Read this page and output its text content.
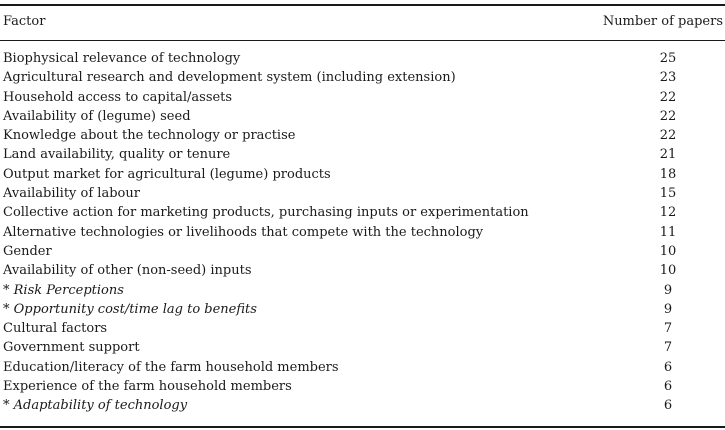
Factor	Number of papers
Biophysical relevance of technology	25
Agricultural research and development system (including extension)	23
Household access to capital/assets	22
Availability of (legume) seed	22
Knowledge about the technology or practise	22
Land availability, quality or tenure	21
Output market for agricultural (legume) products	18
Availability of labour	15
Collective action for marketing products, purchasing inputs or experimentation	12
Alternative technologies or livelihoods that compete with the technology	11
Gender	10
Availability of other (non-seed) inputs	10
* Risk Perceptions	9
* Opportunity cost/time lag to benefits	9
Cultural factors	7
Government support	7
Education/literacy of the farm household members	6
Experience of the farm household members	6
* Adaptability of technology	6
